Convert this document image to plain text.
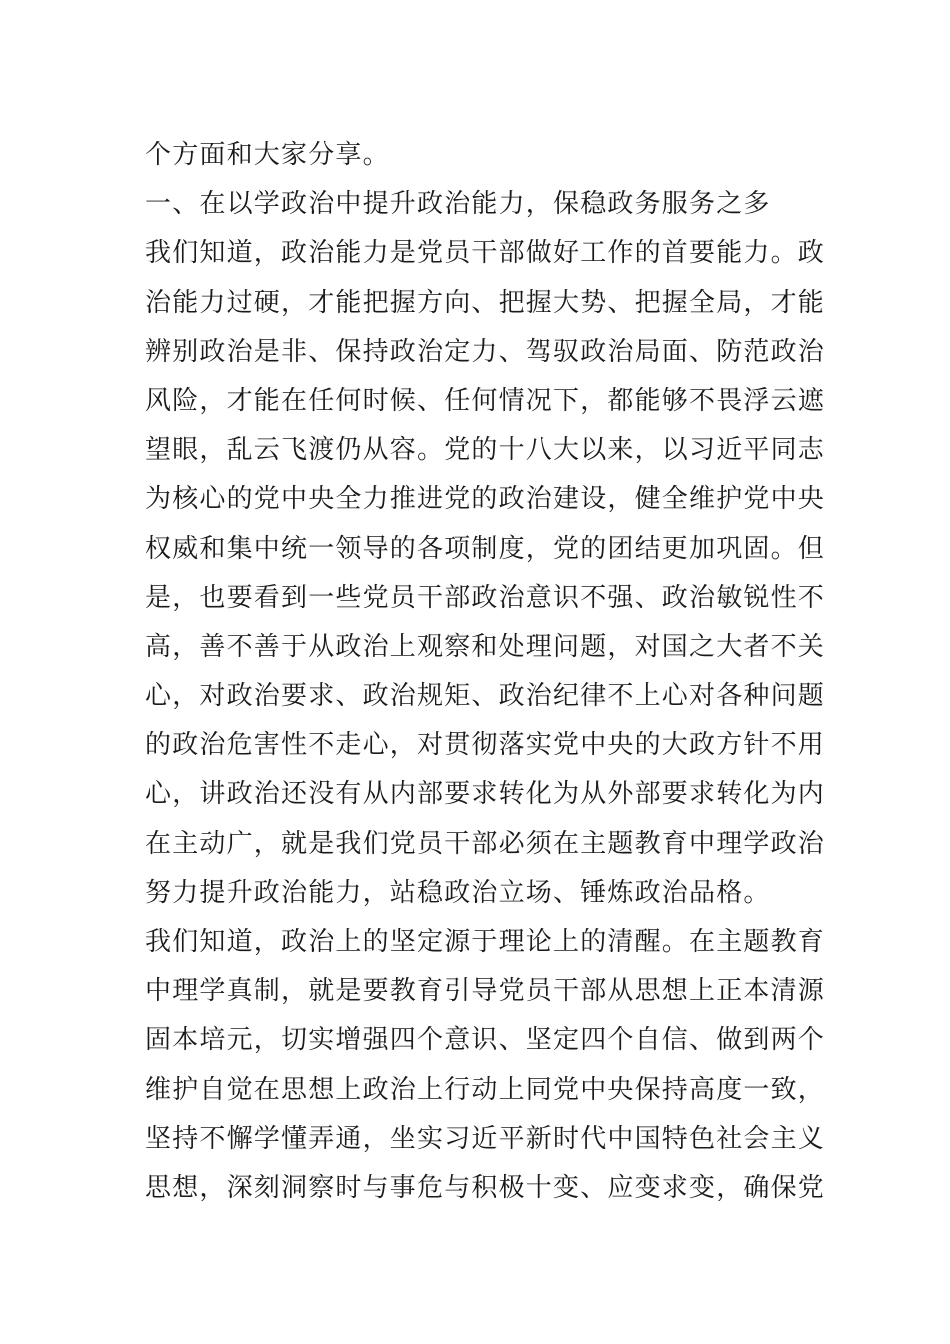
个方面和大家分享。
一、在以学政治中提升政治能力，保稳政务服务之多
我们知道，政治能力是党员干部做好工作的首要能力。政
治能力过硬，才能把握方向、把握大势、把握全局，才能
辨别政治是非、保持政治定力、驾驭政治局面、防范政治
风险，才能在任何时候、任何情况下，都能够不畏浮云遮
望眼，乱云飞渡仍从容。党的十八大以来，以习近平同志
为核心的党中央全力推进党的政治建设，健全维护党中央
权威和集中统一领导的各项制度，党的团结更加巩固。但
是，也要看到一些党员干部政治意识不强、政治敏锐性不
高，善不善于从政治上观察和处理问题，对国之大者不关
心，对政治要求、政治规矩、政治纪律不上心对各种问题
的政治危害性不走心，对贯彻落实党中央的大政方针不用
心，讲政治还没有从内部要求转化为从外部要求转化为内
在主动广，就是我们党员干部必须在主题教育中理学政治
努力提升政治能力，站稳政治立场、锤炼政治品格。
我们知道，政治上的坚定源于理论上的清醒。在主题教育
中理学真制，就是要教育引导党员干部从思想上正本清源
固本培元，切实增强四个意识、坚定四个自信、做到两个
维护自觉在思想上政治上行动上同党中央保持高度一致，
坚持不懈学懂弄通，坐实习近平新时代中国特色社会主义
思想，深刻洞察时与事危与积极十变、应变求变，确保党
